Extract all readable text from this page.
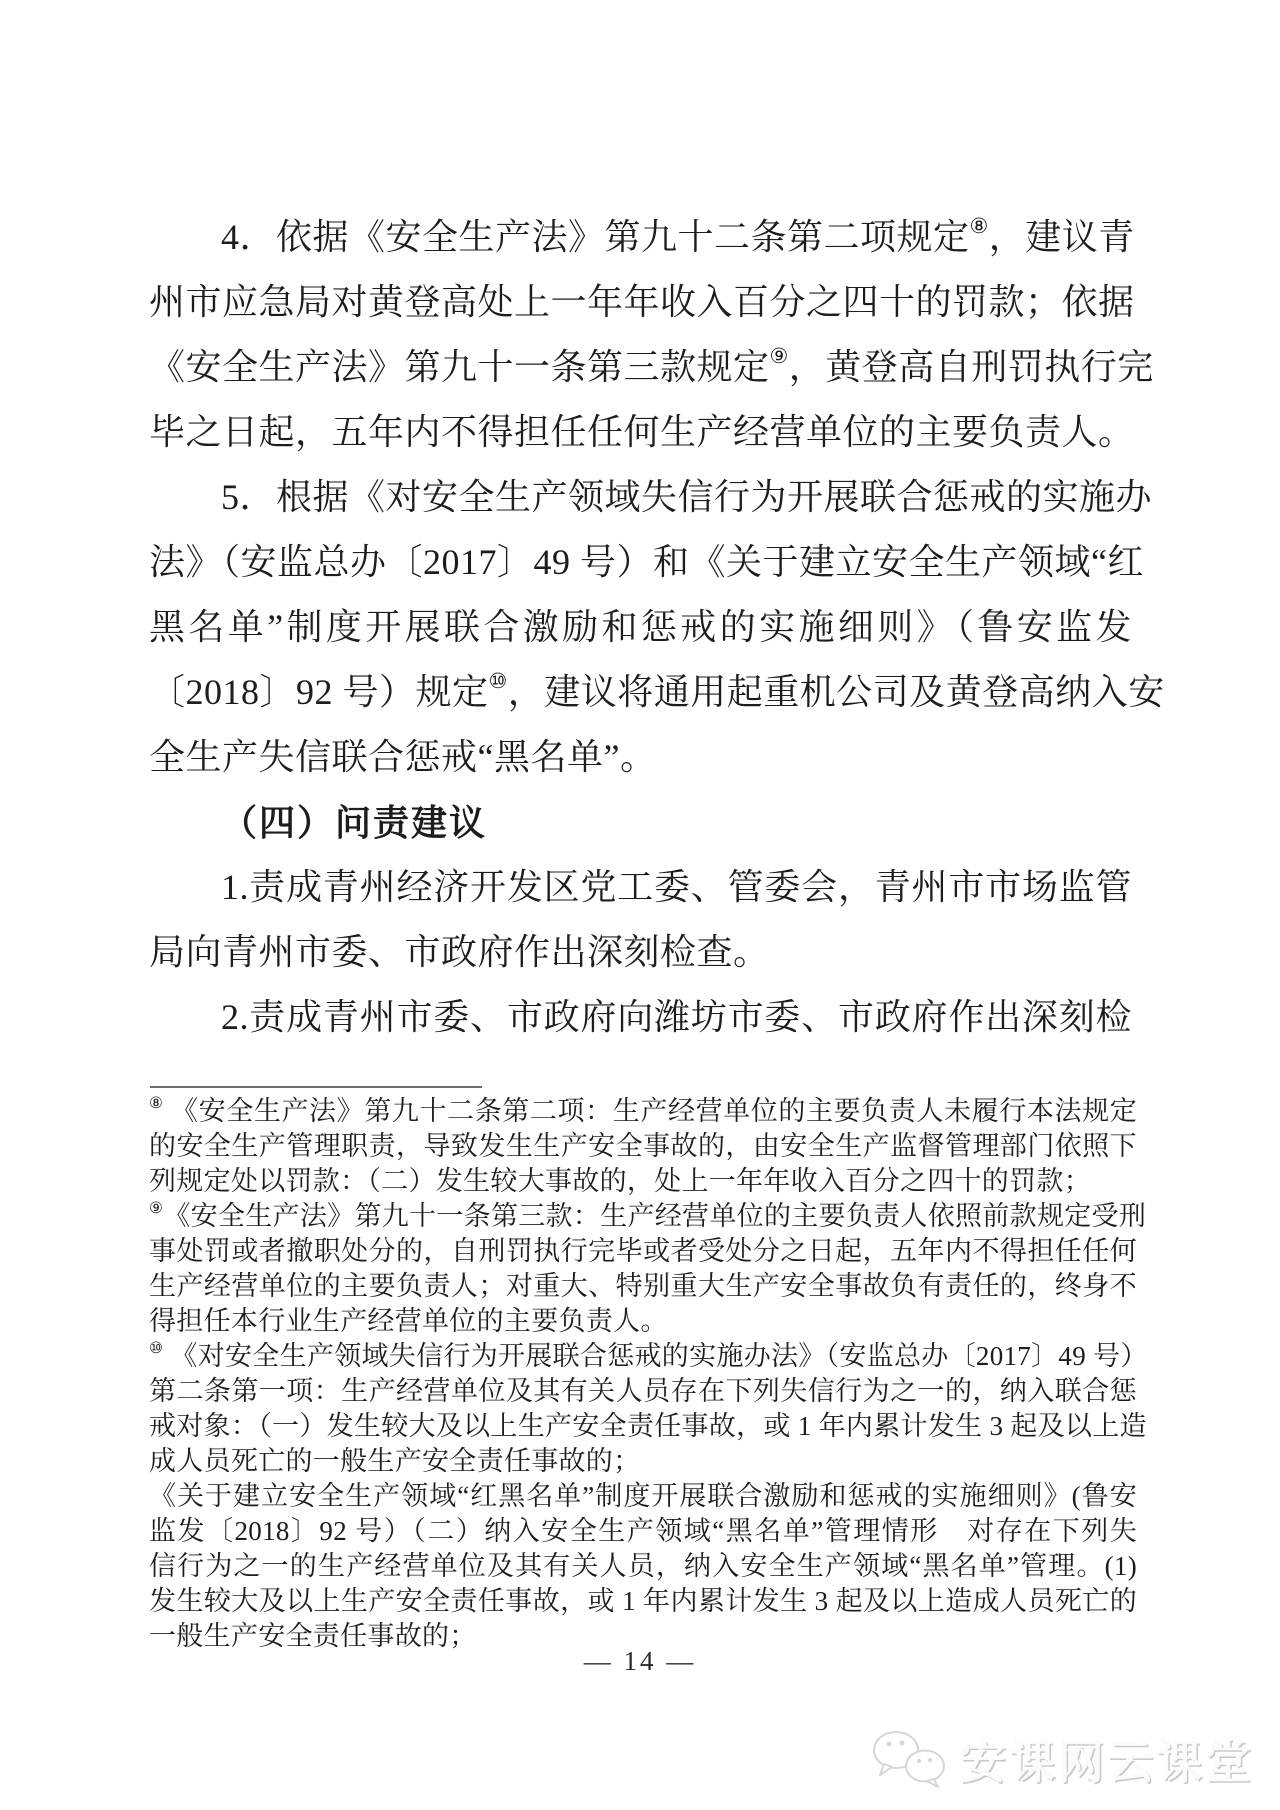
4．依据《安全生产法》第九十二条第二项规定⑧，建议青
州市应急局对黄登高处上一年年收入百分之四十的罚款；依据
《安全生产法》第九十一条第三款规定⑨，黄登高自刑罚执行完
毕之日起，五年内不得担任任何生产经营单位的主要负责人。
5．根据《对安全生产领域失信行为开展联合惩戒的实施办
法》（安监总办〔2017〕49 号）和《关于建立安全生产领域“红
黑名单”制度开展联合激励和惩戒的实施细则》（鲁安监发
〔2018〕92 号）规定⑩，建议将通用起重机公司及黄登高纳入安
全生产失信联合惩戒“黑名单”。
（四）问责建议
1.责成青州经济开发区党工委、管委会，青州市市场监管
局向青州市委、市政府作出深刻检查。
2.责成青州市委、市政府向潍坊市委、市政府作出深刻检
⑧ 《安全生产法》第九十二条第二项：生产经营单位的主要负责人未履行本法规定
的安全生产管理职责，导致发生生产安全事故的，由安全生产监督管理部门依照下
列规定处以罚款：（二）发生较大事故的，处上一年年收入百分之四十的罚款；
⑨《安全生产法》第九十一条第三款：生产经营单位的主要负责人依照前款规定受刑
事处罚或者撤职处分的，自刑罚执行完毕或者受处分之日起，五年内不得担任任何
生产经营单位的主要负责人；对重大、特别重大生产安全事故负有责任的，终身不
得担任本行业生产经营单位的主要负责人。
⑩ 《对安全生产领域失信行为开展联合惩戒的实施办法》（安监总办〔2017〕49 号）
第二条第一项：生产经营单位及其有关人员存在下列失信行为之一的，纳入联合惩
戒对象：（一）发生较大及以上生产安全责任事故，或 1 年内累计发生 3 起及以上造
成人员死亡的一般生产安全责任事故的；
《关于建立安全生产领域“红黑名单”制度开展联合激励和惩戒的实施细则》(鲁安
监发〔2018〕92 号）（二）纳入安全生产领域“黑名单”管理情形　对存在下列失
信行为之一的生产经营单位及其有关人员，纳入安全生产领域“黑名单”管理。(1)
发生较大及以上生产安全责任事故，或 1 年内累计发生 3 起及以上造成人员死亡的
一般生产安全责任事故的；
— 14 —
安课网云课堂
